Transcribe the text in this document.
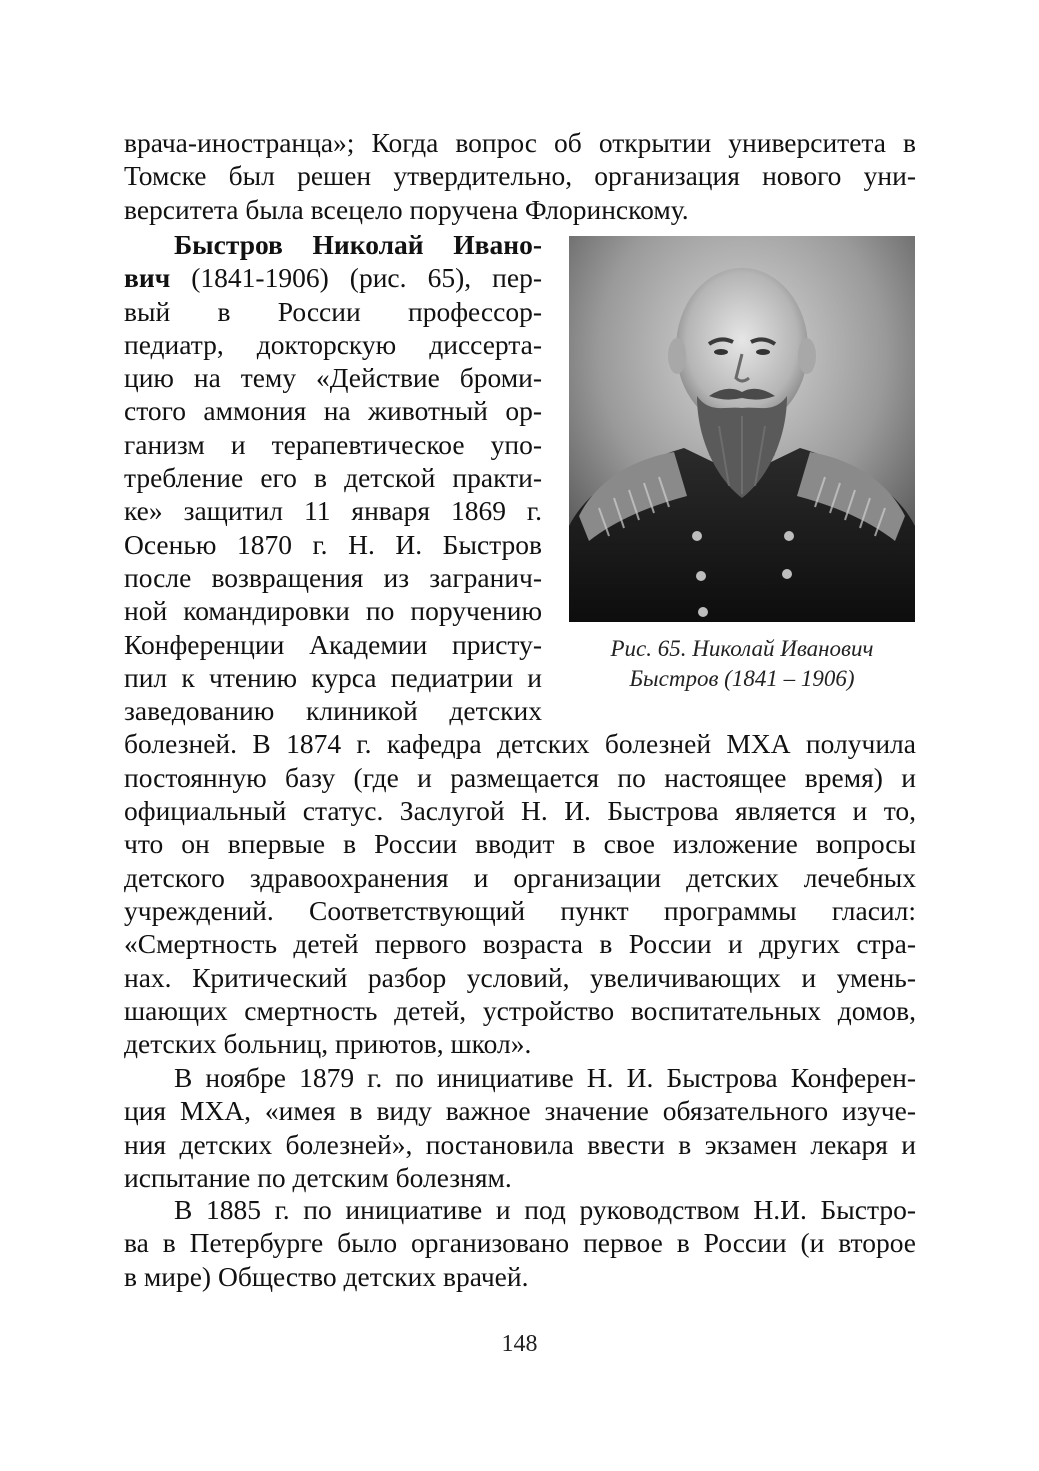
врача-иностранца»; Когда вопрос об открытии университета в
Томске был решен утвердительно, организация нового уни-
верситета была всецело поручена Флоринскому.
Быстров Николай Ивано-
вич (1841-1906) (рис. 65), пер-
вый в России профессор-
педиатр, докторскую диссерта-
цию на тему «Действие броми-
стого аммония на животный ор-
ганизм и терапевтическое упо-
требление его в детской практи-
ке» защитил 11 января 1869 г.
Осенью 1870 г. Н. И. Быстров
после возвращения из загранич-
ной командировки по поручению
Конференции Академии присту-
пил к чтению курса педиатрии и
заведованию клиникой детских
болезней. В 1874 г. кафедра детских болезней МХА получила
постоянную базу (где и размещается по настоящее время) и
официальный статус. Заслугой Н. И. Быстрова является и то,
что он впервые в России вводит в свое изложение вопросы
детского здравоохранения и организации детских лечебных
учреждений. Соответствующий пункт программы гласил:
«Смертность детей первого возраста в России и других стра-
нах. Критический разбор условий, увеличивающих и умень-
шающих смертность детей, устройство воспитательных домов,
детских больниц, приютов, школ».
В ноябре 1879 г. по инициативе Н. И. Быстрова Конферен-
ция МХА, «имея в виду важное значение обязательного изуче-
ния детских болезней», постановила ввести в экзамен лекаря и
испытание по детским болезням.
В 1885 г. по инициативе и под руководством Н.И. Быстро-
ва в Петербурге было организовано первое в России (и второе
в мире) Общество детских врачей.
Рис. 65. Николай Иванович
Быстров (1841 – 1906)
148
